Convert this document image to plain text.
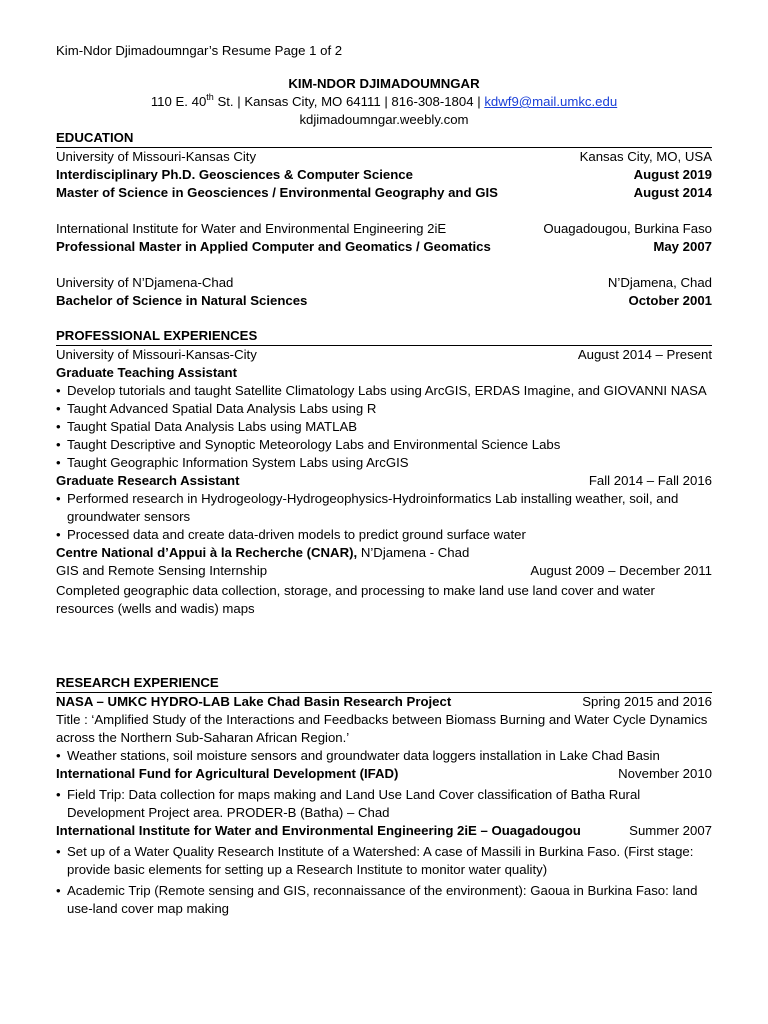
Kim-Ndor Djimadoumngar’s Resume Page 1 of 2
KIM-NDOR DJIMADOUMNGAR
110 E. 40th St. | Kansas City, MO 64111 | 816-308-1804 | kdwf9@mail.umkc.edu
kdjimadoumngar.weebly.com
EDUCATION
University of Missouri-Kansas City	Kansas City, MO, USA
Interdisciplinary Ph.D. Geosciences & Computer Science	August 2019
Master of Science in Geosciences / Environmental Geography and GIS	August 2014
International Institute for Water and Environmental Engineering 2iE	Ouagadougou, Burkina Faso
Professional Master in Applied Computer and Geomatics / Geomatics	May 2007
University of N’Djamena-Chad	N’Djamena, Chad
Bachelor of Science in Natural Sciences	October 2001
PROFESSIONAL EXPERIENCES
University of Missouri-Kansas-City	August 2014 – Present
Graduate Teaching Assistant
• Develop tutorials and taught Satellite Climatology Labs using ArcGIS, ERDAS Imagine, and GIOVANNI NASA
• Taught Advanced Spatial Data Analysis Labs using R
• Taught Spatial Data Analysis Labs using MATLAB
• Taught Descriptive and Synoptic Meteorology Labs and Environmental Science Labs
• Taught Geographic Information System Labs using ArcGIS
Graduate Research Assistant	Fall 2014 – Fall 2016
• Performed research in Hydrogeology-Hydrogeophysics-Hydroinformatics Lab installing weather, soil, and groundwater sensors
• Processed data and create data-driven models to predict ground surface water
Centre National d’Appui à la Recherche (CNAR), N’Djamena - Chad
GIS and Remote Sensing Internship	August 2009 – December 2011
Completed geographic data collection, storage, and processing to make land use land cover and water resources (wells and wadis) maps
RESEARCH EXPERIENCE
NASA – UMKC HYDRO-LAB Lake Chad Basin Research Project	Spring 2015 and 2016
Title : ‘Amplified Study of the Interactions and Feedbacks between Biomass Burning and Water Cycle Dynamics across the Northern Sub-Saharan African Region.’
• Weather stations, soil moisture sensors and groundwater data loggers installation in Lake Chad Basin
International Fund for Agricultural Development (IFAD)	November 2010
• Field Trip: Data collection for maps making and Land Use Land Cover classification of Batha Rural Development Project area. PRODER-B (Batha) – Chad
International Institute for Water and Environmental Engineering 2iE – Ouagadougou	Summer 2007
• Set up of a Water Quality Research Institute of a Watershed: A case of Massili in Burkina Faso. (First stage: provide basic elements for setting up a Research Institute to monitor water quality)
• Academic Trip (Remote sensing and GIS, reconnaissance of the environment): Gaoua in Burkina Faso: land use-land cover map making
